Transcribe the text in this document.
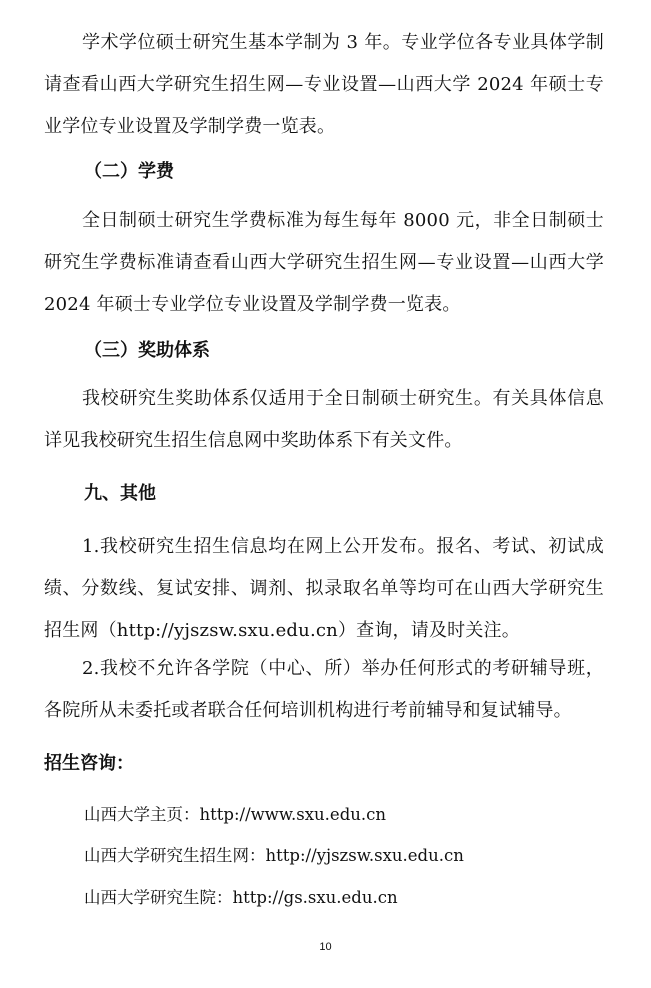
学术学位硕士研究生基本学制为 3 年。专业学位各专业具体学制请查看山西大学研究生招生网—专业设置—山西大学 2024 年硕士专业学位专业设置及学制学费一览表。

（二）学费

全日制硕士研究生学费标准为每生每年 8000 元，非全日制硕士研究生学费标准请查看山西大学研究生招生网—专业设置—山西大学 2024 年硕士专业学位专业设置及学制学费一览表。

（三）奖助体系

我校研究生奖助体系仅适用于全日制硕士研究生。有关具体信息详见我校研究生招生信息网中奖助体系下有关文件。

九、其他

1.我校研究生招生信息均在网上公开发布。报名、考试、初试成绩、分数线、复试安排、调剂、拟录取名单等均可在山西大学研究生招生网（http://yjszsw.sxu.edu.cn）查询，请及时关注。

2.我校不允许各学院（中心、所）举办任何形式的考研辅导班，各院所从未委托或者联合任何培训机构进行考前辅导和复试辅导。

招生咨询：

山西大学主页：http://www.sxu.edu.cn

山西大学研究生招生网：http://yjszsw.sxu.edu.cn

山西大学研究生院：http://gs.sxu.edu.cn

10
